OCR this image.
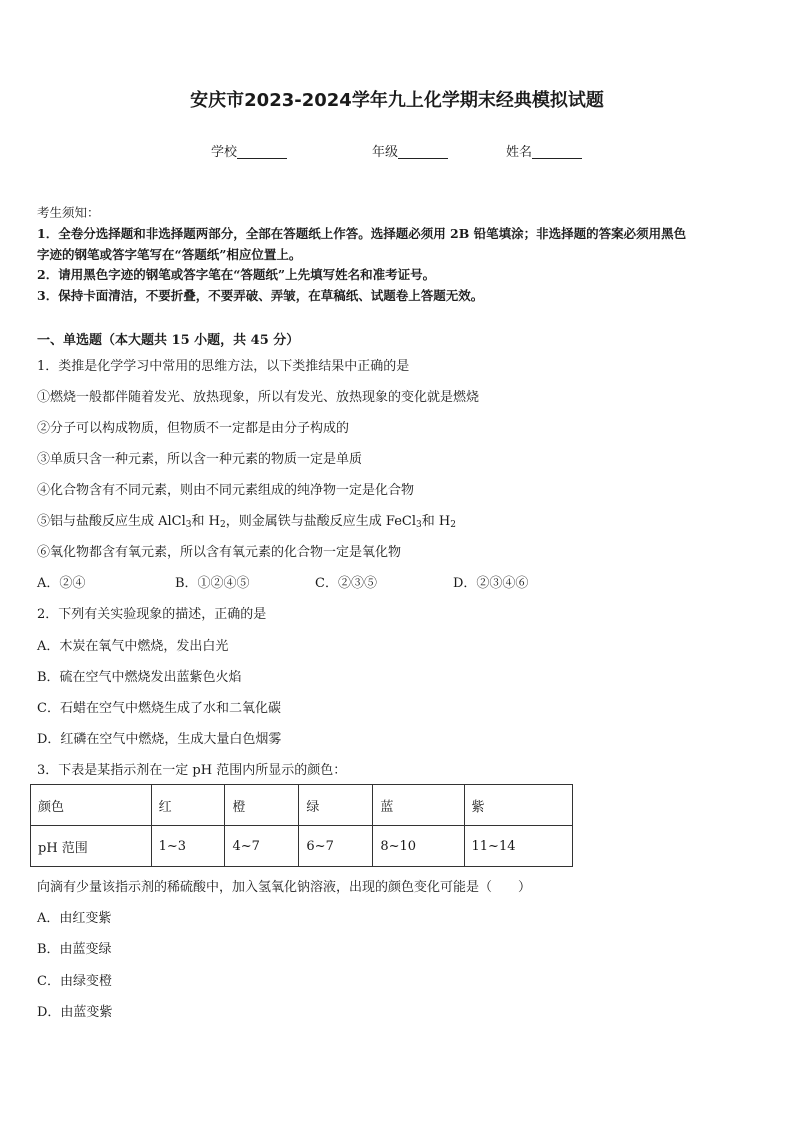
安庆市2023-2024学年九上化学期末经典模拟试题
学校	年级	姓名
考生须知：
1．全卷分选择题和非选择题两部分，全部在答题纸上作答。选择题必须用 2B 铅笔填涂；非选择题的答案必须用黑色
字迹的钢笔或答字笔写在“答题纸”相应位置上。
2．请用黑色字迹的钢笔或答字笔在“答题纸”上先填写姓名和准考证号。
3．保持卡面清洁，不要折叠，不要弄破、弄皱，在草稿纸、试题卷上答题无效。
一、单选题（本大题共 15 小题，共 45 分）
1．类推是化学学习中常用的思维方法，以下类推结果中正确的是
①燃烧一般都伴随着发光、放热现象，所以有发光、放热现象的变化就是燃烧
②分子可以构成物质，但物质不一定都是由分子构成的
③单质只含一种元素，所以含一种元素的物质一定是单质
④化合物含有不同元素，则由不同元素组成的纯净物一定是化合物
⑤铝与盐酸反应生成 AlCl$_3$和 $H_2$，则金属铁与盐酸反应生成 FeCl$_3$和 $H_2$
⑥氧化物都含有氧元素，所以含有氧元素的化合物一定是氧化物
A．②④	B．①②④⑤	C．②③⑤	D．②③④⑥
2．下列有关实验现象的描述，正确的是
A．木炭在氧气中燃烧，发出白光
B．硫在空气中燃烧发出蓝紫色火焰
C．石蜡在空气中燃烧生成了水和二氧化碳
D．红磷在空气中燃烧，生成大量白色烟雾
3．下表是某指示剂在一定 pH 范围内所显示的颜色：
颜色	红	橙	绿	蓝	紫
pH 范围	1~3	4~7	6~7	8~10	11~14
向滴有少量该指示剂的稀硫酸中，加入氢氧化钠溶液，出现的颜色变化可能是（　　）
A．由红变紫
B．由蓝变绿
C．由绿变橙
D．由蓝变紫
